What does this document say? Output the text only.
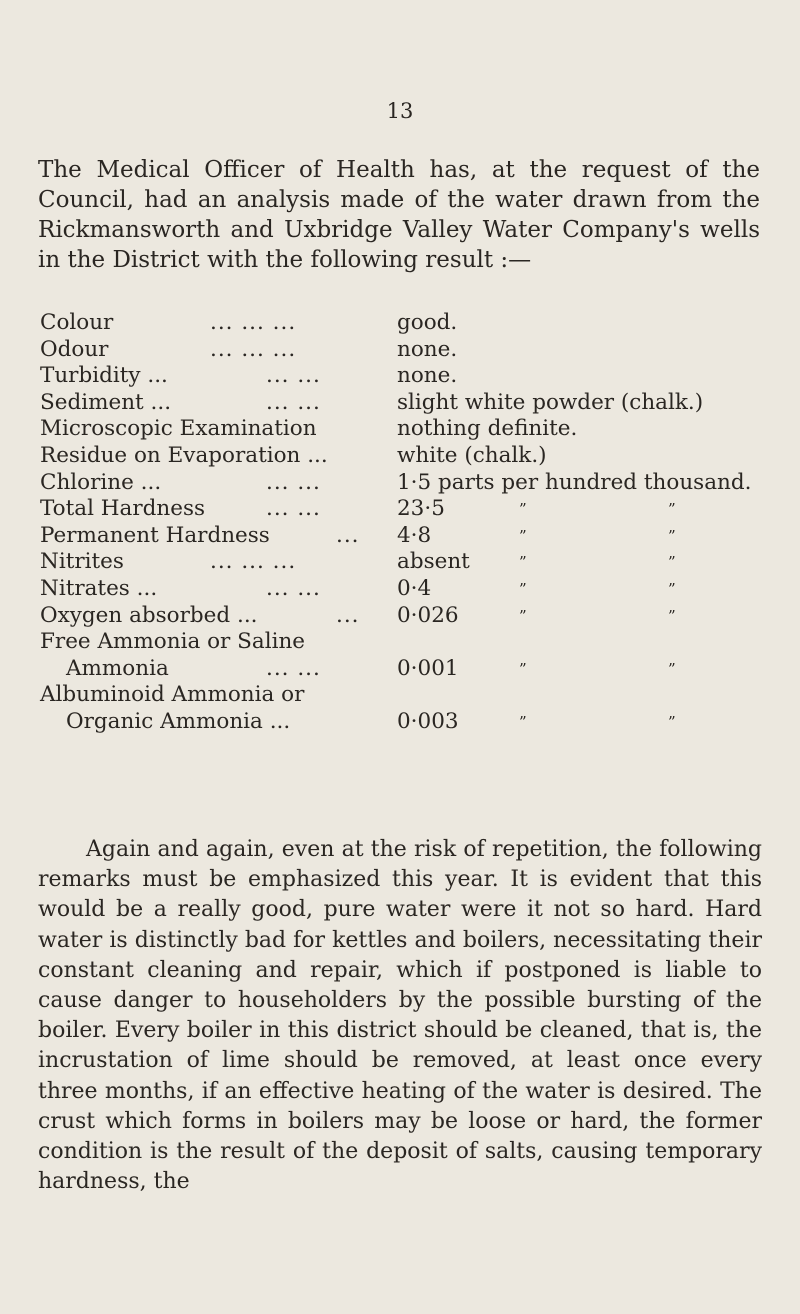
13

The Medical Officer of Health has, at the request of the Council, had an analysis made of the water drawn from the Rickmansworth and Uxbridge Valley Water Company's wells in the District with the following result :—

Colour	... ... ...	good.
Odour	... ... ...	none.
Turbidity ...	... ...	none.
Sediment ...	... ...	slight white powder (chalk.)
Microscopic Examination	nothing definite.
Residue on Evaporation ...	white (chalk.)
Chlorine ...	... ...	1·5 parts per hundred thousand.
Total Hardness	... ...	23·5	”	”
Permanent Hardness	... 4·8	”	”
Nitrites	... ... ...	absent	”	”
Nitrates ...	... ...	0·4	”	”
Oxygen absorbed ...	... 0·026	”	”
Free Ammonia or Saline
Ammonia	... ...	0·001	”	”
Albuminoid Ammonia or
Organic Ammonia ...	0·003	”	”

Again and again, even at the risk of repetition, the following remarks must be emphasized this year. It is evident that this would be a really good, pure water were it not so hard. Hard water is distinctly bad for kettles and boilers, necessitating their constant cleaning and repair, which if postponed is liable to cause danger to householders by the possible bursting of the boiler. Every boiler in this district should be cleaned, that is, the incrustation of lime should be removed, at least once every three months, if an effective heating of the water is desired. The crust which forms in boilers may be loose or hard, the former condition is the result of the deposit of salts, causing temporary hardness, the
